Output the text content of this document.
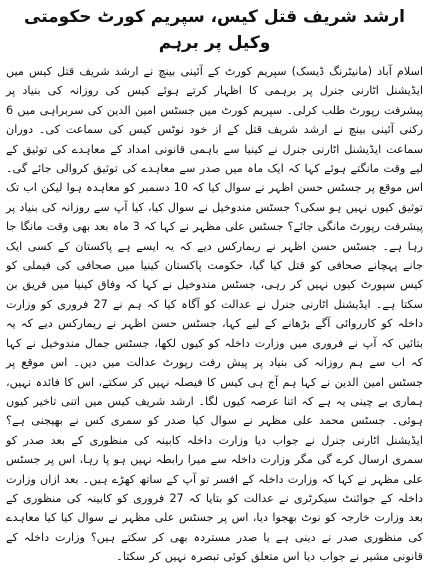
ارشد شریف قتل کیس، سپریم کورٹ حکومتی وکیل پر برہم

اسلام آباد (مانیٹرنگ ڈیسک) سپریم کورٹ کے آئینی بینچ نے ارشد شریف قتل کیس میں ایڈیشنل اٹارنی جنرل پر برہمی کا اظہار کرتے ہوئے کیس کی روزانہ کی بنیاد پر پیشرفت رپورٹ طلب کرلی۔ سپریم کورٹ میں جسٹس امین الدین کی سربراہی میں 6 رکنی آئینی بینچ نے ارشد شریف قتل کے از خود نوٹس کیس کی سماعت کی۔ دوران سماعت ایڈیشنل اٹارنی جنرل نے کینیا سے باہمی قانونی امداد کے معاہدے کی توثیق کے لیے وقت مانگتے ہوئے کہا کہ ایک ماہ میں صدر سے معاہدے کی توثیق کروالی جائے گی۔ اس موقع پر جسٹس حسن اظہر نے سوال کیا کہ 10 دسمبر کو معاہدہ ہوا لیکن اب تک توثیق کیوں نہیں ہو سکی؟ جسٹس مندوخیل نے سوال کیا، کیا آپ سے روزانہ کی بنیاد پر پیشرفت رپورٹ مانگی جائے؟ جسٹس علی مظہر نے کہا کہ 3 ماہ بعد بھی وقت مانگا جا رہا ہے۔ جسٹس حسن اظہر نے ریمارکس دیے کہ یہ ایسے ہے پاکستان کے کسی ایک جانے پہچانے صحافی کو قتل کیا گیا، حکومت پاکستان کینیا میں صحافی کی فیملی کو کیس سپورٹ کیوں نہیں کر رہی، جسٹس مندوخیل نے کہا کہ وفاق کینیا میں فریق بن سکتا ہے۔ ایڈیشنل اٹارنی جنرل نے عدالت کو آگاہ کیا کہ ہم نے 27 فروری کو وزارت داخلہ کو کارروائی آگے بڑھانے کے لیے کہا، جسٹس حسن اظہر نے ریمارکس دیے کہ یہ بتائیں کہ آپ نے فروری میں وزارت داخلہ کو کیوں لکھا، جسٹس جمال مندوخیل نے کہا کہ اب سے ہم روزانہ کی بنیاد پر پیش رفت رپورٹ عدالت میں دیں۔ اس موقع پر جسٹس امین الدین نے کہا ہم آج ہی کیس کا فیصلہ نہیں کر سکتے، اس کا فائدہ نہیں، ہماری بے چینی یہ ہے کہ اتنا عرصہ کیوں لگا۔ ارشد شریف کیس میں اتنی تاخیر کیوں ہوئی۔ جسٹس محمد علی مظہر نے سوال کیا صدر کو سمری کس نے بھیجنی ہے؟ ایڈیشنل اٹارنی جنرل نے جواب دیا وزارت داخلہ کابینہ کی منظوری کے بعد صدر کو سمری ارسال کرے گی مگر وزارت داخلہ سے میرا رابطہ نہیں ہو پا رہا، اس پر جسٹس علی مظہر نے کہا کہ وزارت داخلہ کے افسر تو آپ کے ساتھ کھڑے ہیں۔ بعد ازاں وزارت داخلہ کے جوائنٹ سیکرٹری نے عدالت کو بتایا کہ 27 فروری کو کابینہ کی منظوری کے بعد وزارت خارجہ کو نوٹ بھجوا دیا، اس پر جسٹس علی مظہر نے سوال کیا کیا معاہدے کی منظوری صدر نے دینی ہے یا صدر مستردہ بھی کر سکتے ہیں؟ وزارت داخلہ کے قانونی مشیر نے جواب دیا اس متعلق کوئی تبصرہ نہیں کر سکتا۔
